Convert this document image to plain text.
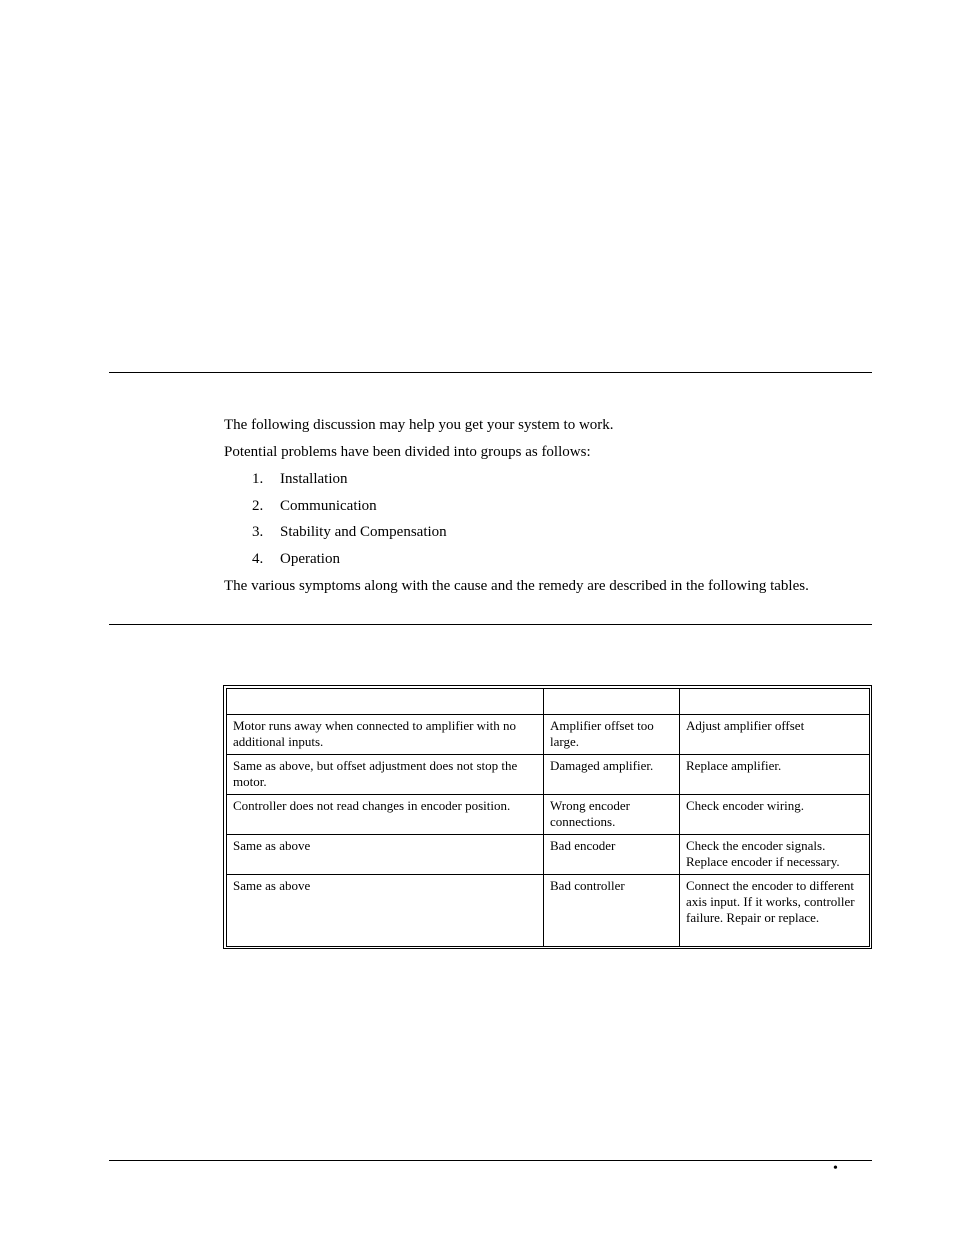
The following discussion may help you get your system to work.
Potential problems have been divided into groups as follows:
1. Installation
2. Communication
3. Stability and Compensation
4. Operation
The various symptoms along with the cause and the remedy are described in the following tables.

Motor runs away when connected to amplifier with no additional inputs.	Amplifier offset too large.	Adjust amplifier offset
Same as above, but offset adjustment does not stop the motor.	Damaged amplifier.	Replace amplifier.
Controller does not read changes in encoder position.	Wrong encoder connections.	Check encoder wiring.
Same as above	Bad encoder	Check the encoder signals. Replace encoder if necessary.
Same as above	Bad controller	Connect the encoder to different axis input. If it works, controller failure. Repair or replace.
•
